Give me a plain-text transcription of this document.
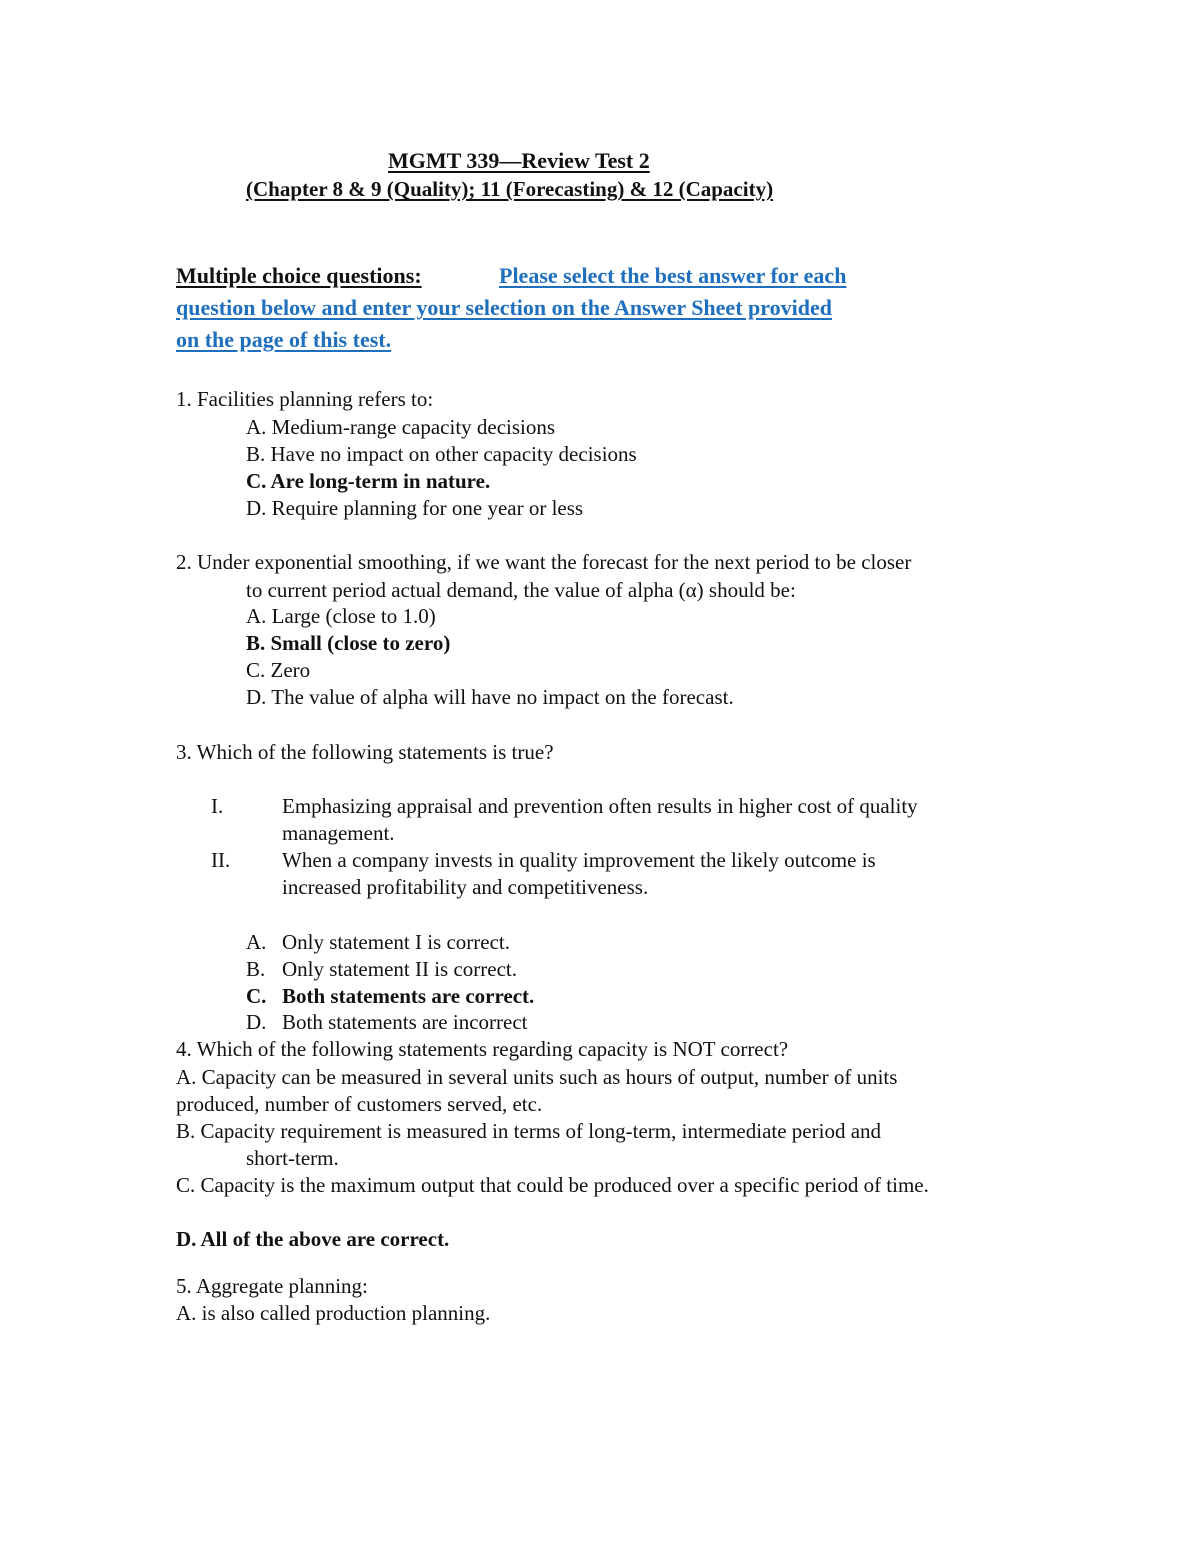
MGMT 339—Review Test 2
(Chapter 8 & 9 (Quality); 11 (Forecasting) & 12 (Capacity)
Multiple choice questions:	Please select the best answer for each
question below and enter your selection on the Answer Sheet provided
on the page of this test.
1. Facilities planning refers to:
A. Medium-range capacity decisions
B. Have no impact on other capacity decisions
C. Are long-term in nature.
D. Require planning for one year or less
2. Under exponential smoothing, if we want the forecast for the next period to be closer
to current period actual demand, the value of alpha (α) should be:
A. Large (close to 1.0)
B. Small (close to zero)
C. Zero
D. The value of alpha will have no impact on the forecast.
3. Which of the following statements is true?
I.	Emphasizing appraisal and prevention often results in higher cost of quality
management.
II. When a company invests in quality improvement the likely outcome is
increased profitability and competitiveness.
A. Only statement I is correct.
B. Only statement II is correct.
C. Both statements are correct.
D. Both statements are incorrect
4. Which of the following statements regarding capacity is NOT correct?
A. Capacity can be measured in several units such as hours of output, number of units
produced, number of customers served, etc.
B. Capacity requirement is measured in terms of long-term, intermediate period and
short-term.
C. Capacity is the maximum output that could be produced over a specific period of time.
D. All of the above are correct.
5. Aggregate planning:
A. is also called production planning.
